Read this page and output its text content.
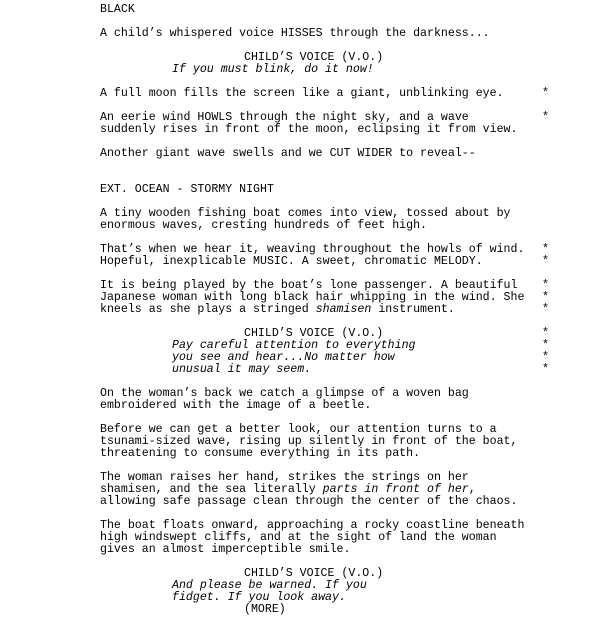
BLACK
A child’s whispered voice HISSES through the darkness...
CHILD’S VOICE (V.O.)
If you must blink, do it now!
A full moon fills the screen like a giant, unblinking eye.	*
An eerie wind HOWLS through the night sky, and a wave	*
suddenly rises in front of the moon, eclipsing it from view.
Another giant wave swells and we CUT WIDER to reveal--
EXT. OCEAN - STORMY NIGHT
A tiny wooden fishing boat comes into view, tossed about by
enormous waves, cresting hundreds of feet high.
That’s when we hear it, weaving throughout the howls of wind. *
Hopeful, inexplicable MUSIC. A sweet, chromatic MELODY.	*
It is being played by the boat’s lone passenger. A beautiful *
Japanese woman with long black hair whipping in the wind. She *
kneels as she plays a stringed shamisen instrument.	*
CHILD’S VOICE (V.O.)	*
Pay careful attention to everything	*
you see and hear...No matter how	*
unusual it may seem.	*
On the woman’s back we catch a glimpse of a woven bag
embroidered with the image of a beetle.
Before we can get a better look, our attention turns to a
tsunami-sized wave, rising up silently in front of the boat,
threatening to consume everything in its path.
The woman raises her hand, strikes the strings on her
shamisen, and the sea literally parts in front of her,
allowing safe passage clean through the center of the chaos.
The boat floats onward, approaching a rocky coastline beneath
high windswept cliffs, and at the sight of land the woman
gives an almost imperceptible smile.
CHILD’S VOICE (V.O.)
And please be warned. If you
fidget. If you look away.
(MORE)
